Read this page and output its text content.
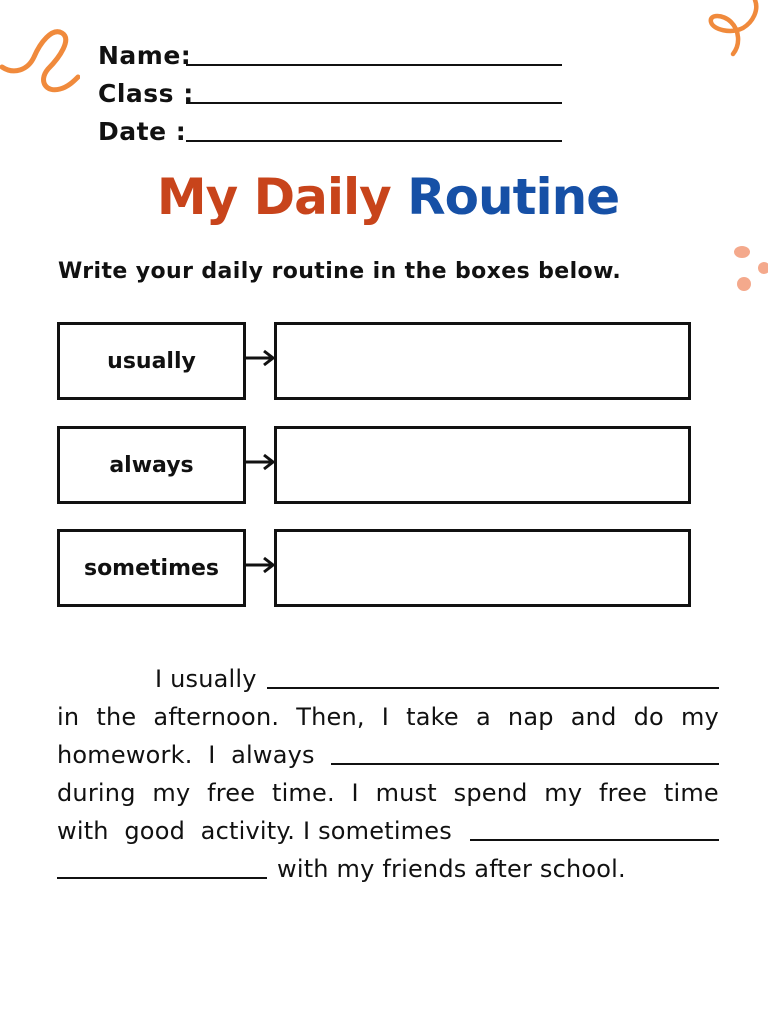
Name:
Class :
Date :
My Daily Routine
Write your daily routine in the boxes below.
usually
always
sometimes
I usually
in the afternoon. Then, I take a nap and do my
homework.  I  always
during my free time. I must spend my free time
with  good  activity. I sometimes
with my friends after school.
